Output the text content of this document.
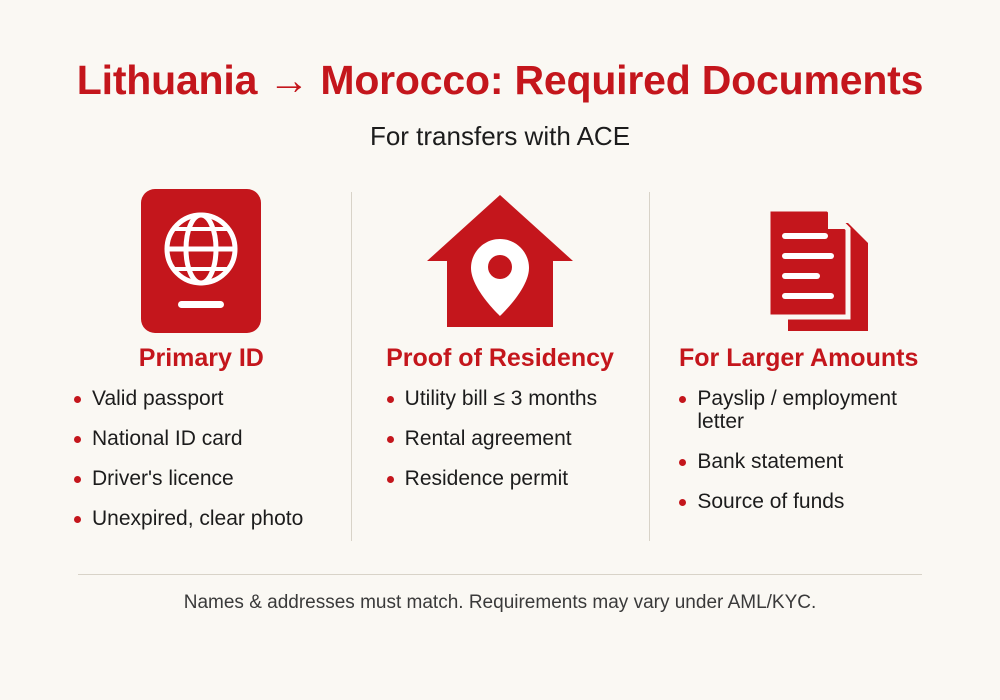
Lithuania → Morocco: Required Documents
For transfers with ACE
Primary ID
Valid passport
National ID card
Driver's licence
Unexpired, clear photo
Proof of Residency
Utility bill ≤ 3 months
Rental agreement
Residence permit
For Larger Amounts
Payslip / employment letter
Bank statement
Source of funds
Names & addresses must match. Requirements may vary under AML/KYC.
